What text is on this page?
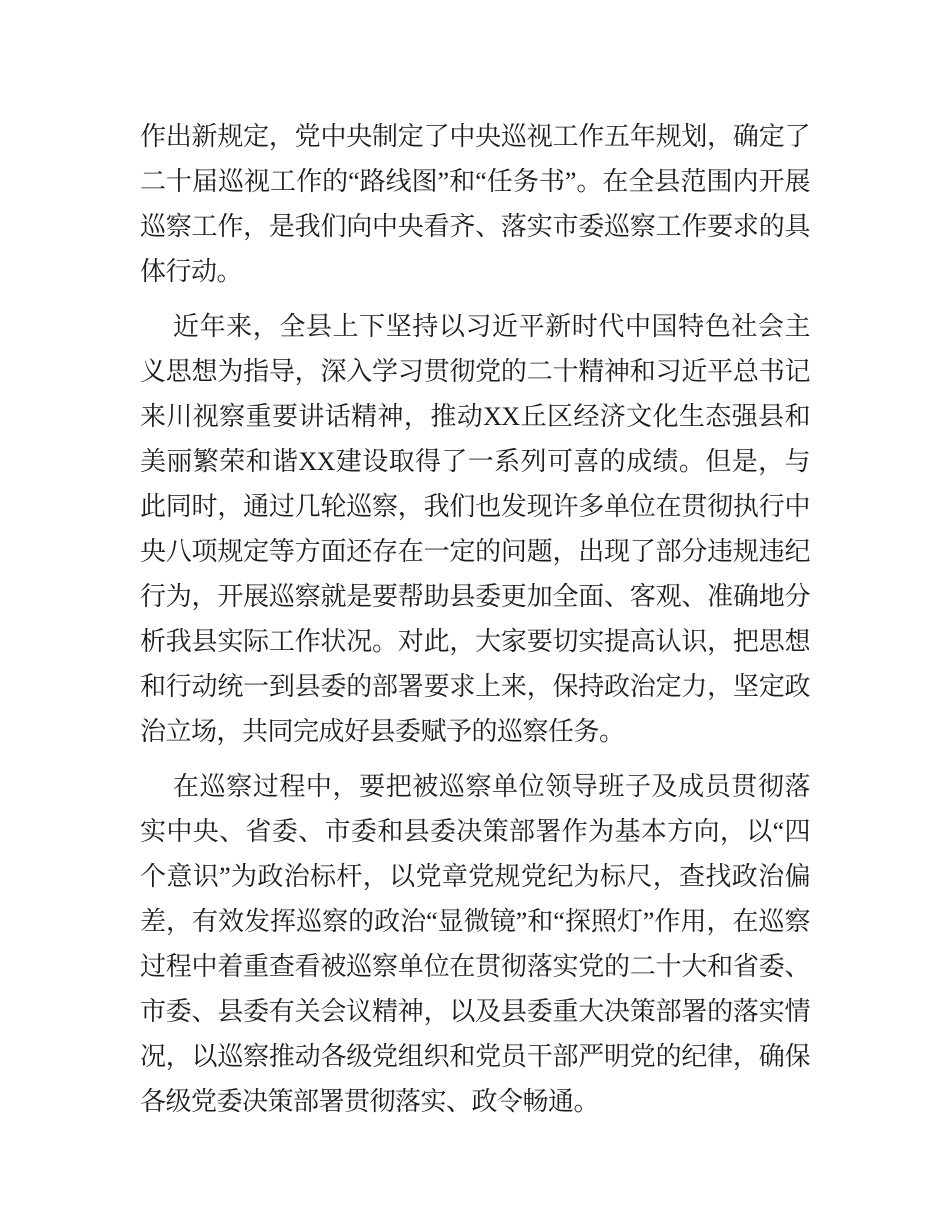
作出新规定，党中央制定了中央巡视工作五年规划，确定了二十届巡视工作的“路线图”和“任务书”。在全县范围内开展巡察工作，是我们向中央看齐、落实市委巡察工作要求的具体行动。

近年来，全县上下坚持以习近平新时代中国特色社会主义思想为指导，深入学习贯彻党的二十精神和习近平总书记来川视察重要讲话精神，推动XX丘区经济文化生态强县和美丽繁荣和谐XX建设取得了一系列可喜的成绩。但是，与此同时，通过几轮巡察，我们也发现许多单位在贯彻执行中央八项规定等方面还存在一定的问题，出现了部分违规违纪行为，开展巡察就是要帮助县委更加全面、客观、准确地分析我县实际工作状况。对此，大家要切实提高认识，把思想和行动统一到县委的部署要求上来，保持政治定力，坚定政治立场，共同完成好县委赋予的巡察任务。

在巡察过程中，要把被巡察单位领导班子及成员贯彻落实中央、省委、市委和县委决策部署作为基本方向，以“四个意识”为政治标杆，以党章党规党纪为标尺，查找政治偏差，有效发挥巡察的政治“显微镜”和“探照灯”作用，在巡察过程中着重查看被巡察单位在贯彻落实党的二十大和省委、市委、县委有关会议精神，以及县委重大决策部署的落实情况，以巡察推动各级党组织和党员干部严明党的纪律，确保各级党委决策部署贯彻落实、政令畅通。
